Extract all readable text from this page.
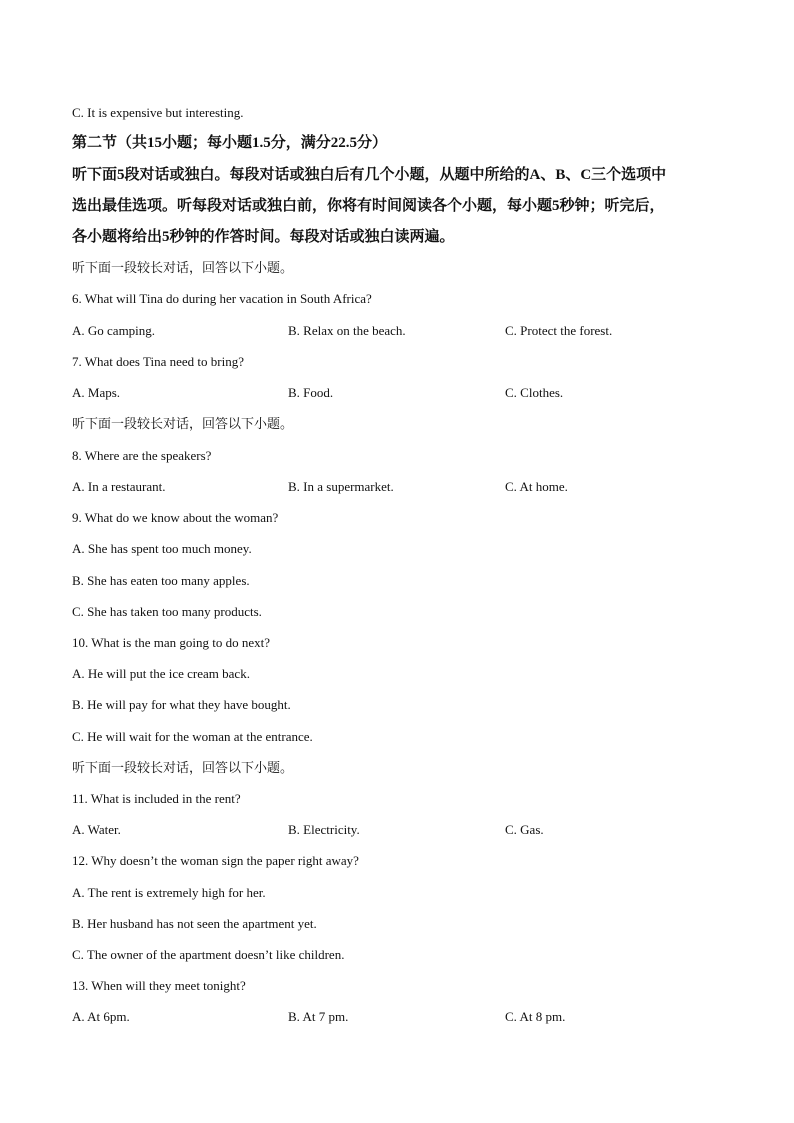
C. It is expensive but interesting.
第二节（共15小题；每小题1.5分，满分22.5分）
听下面5段对话或独白。每段对话或独白后有几个小题，从题中所给的A、B、C三个选项中
选出最佳选项。听每段对话或独白前，你将有时间阅读各个小题，每小题5秒钟；听完后，
各小题将给出5秒钟的作答时间。每段对话或独白读两遍。
听下面一段较长对话，回答以下小题。
6. What will Tina do during her vacation in South Africa?
A. Go camping.	B. Relax on the beach.	C. Protect the forest.
7. What does Tina need to bring?
A. Maps.	B. Food.	C. Clothes.
听下面一段较长对话，回答以下小题。
8. Where are the speakers?
A. In a restaurant.	B. In a supermarket.	C. At home.
9. What do we know about the woman?
A. She has spent too much money.
B. She has eaten too many apples.
C. She has taken too many products.
10. What is the man going to do next?
A. He will put the ice cream back.
B. He will pay for what they have bought.
C. He will wait for the woman at the entrance.
听下面一段较长对话，回答以下小题。
11. What is included in the rent?
A. Water.	B. Electricity.	C. Gas.
12. Why doesn’t the woman sign the paper right away?
A. The rent is extremely high for her.
B. Her husband has not seen the apartment yet.
C. The owner of the apartment doesn’t like children.
13. When will they meet tonight?
A. At 6pm.	B. At 7 pm.	C. At 8 pm.
